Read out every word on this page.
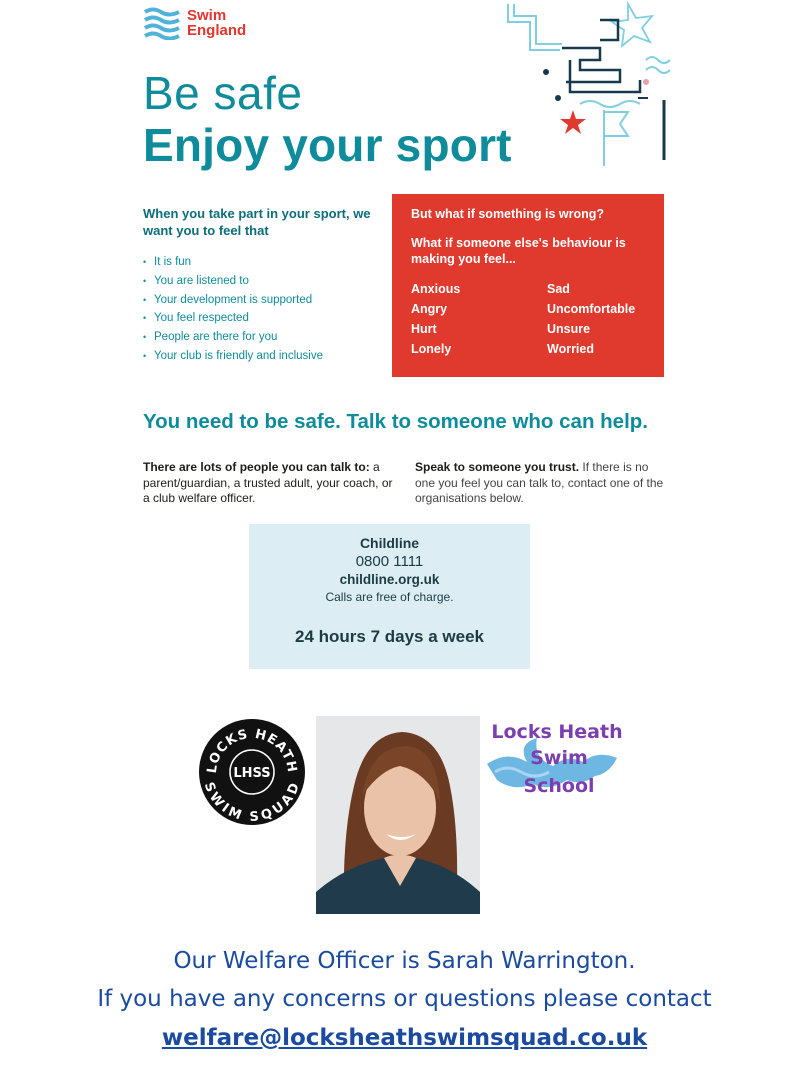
Swim
England
Be safe
Enjoy your sport
When you take part in your sport, we want you to feel that
• It is fun
• You are listened to
• Your development is supported
• You feel respected
• People are there for you
• Your club is friendly and inclusive
But what if something is wrong?
What if someone else's behaviour is making you feel...
Anxious	Sad
Angry	Uncomfortable
Hurt	Unsure
Lonely	Worried
You need to be safe. Talk to someone who can help.
There are lots of people you can talk to: a parent/guardian, a trusted adult, your coach, or a club welfare officer.
Speak to someone you trust. If there is no one you feel you can talk to, contact one of the organisations below.
Childline
0800 1111
childline.org.uk
Calls are free of charge.
24 hours 7 days a week
LOCKS HEATH
SWIM SQUAD
LHSS
Locks Heath
Swim
School
Our Welfare Officer is Sarah Warrington.
If you have any concerns or questions please contact
welfare@locksheathswimsquad.co.uk
